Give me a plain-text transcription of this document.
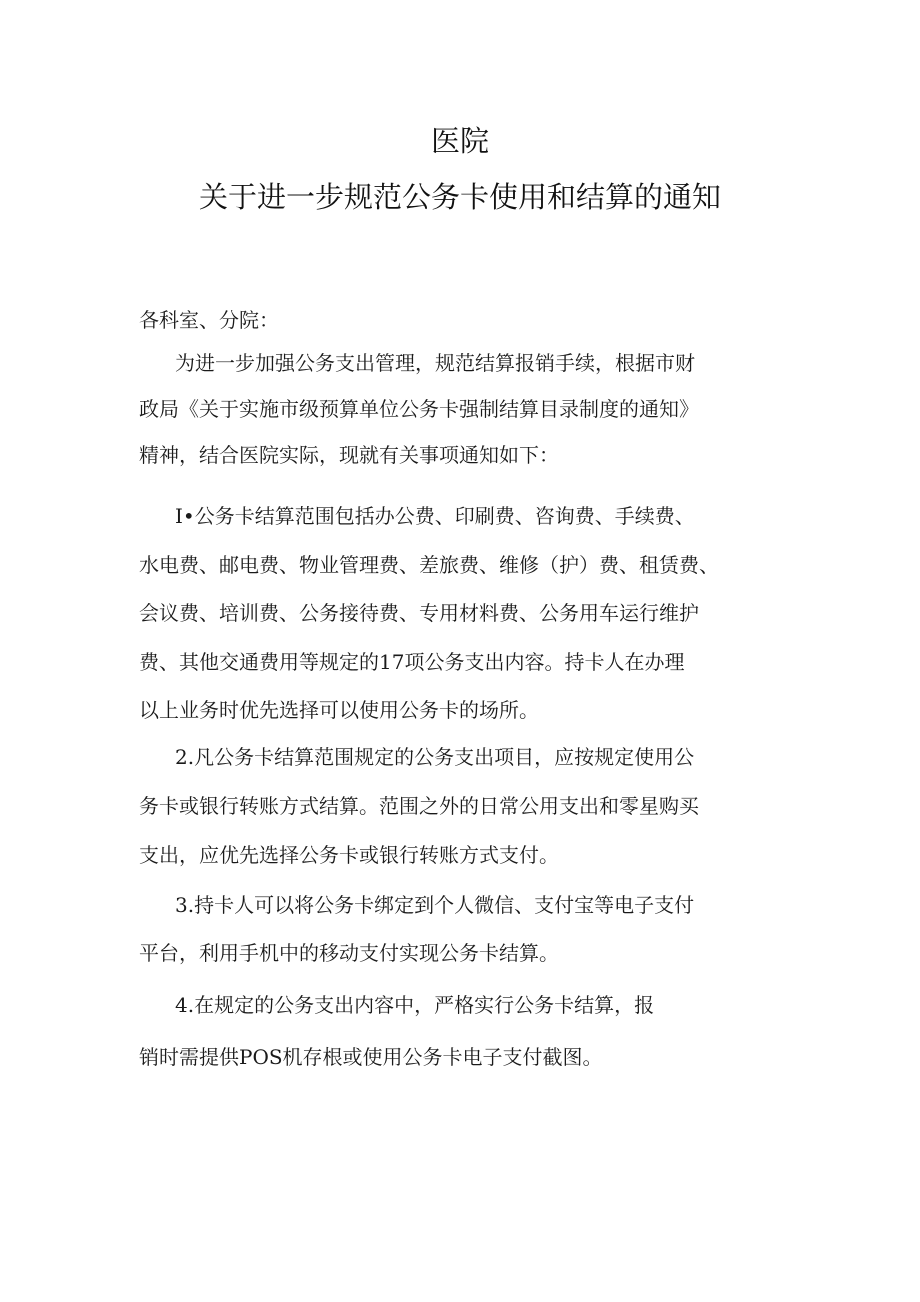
医院
关于进一步规范公务卡使用和结算的通知
各科室、分院：
为进一步加强公务支出管理，规范结算报销手续，根据市财
政局《关于实施市级预算单位公务卡强制结算目录制度的通知》
精神，结合医院实际，现就有关事项通知如下：
I•公务卡结算范围包括办公费、印刷费、咨询费、手续费、
水电费、邮电费、物业管理费、差旅费、维修（护）费、租赁费、
会议费、培训费、公务接待费、专用材料费、公务用车运行维护
费、其他交通费用等规定的17项公务支出内容。持卡人在办理
以上业务时优先选择可以使用公务卡的场所。
2.凡公务卡结算范围规定的公务支出项目，应按规定使用公
务卡或银行转账方式结算。范围之外的日常公用支出和零星购买
支出，应优先选择公务卡或银行转账方式支付。
3.持卡人可以将公务卡绑定到个人微信、支付宝等电子支付
平台，利用手机中的移动支付实现公务卡结算。
4.在规定的公务支出内容中，严格实行公务卡结算，报
销时需提供POS机存根或使用公务卡电子支付截图。
